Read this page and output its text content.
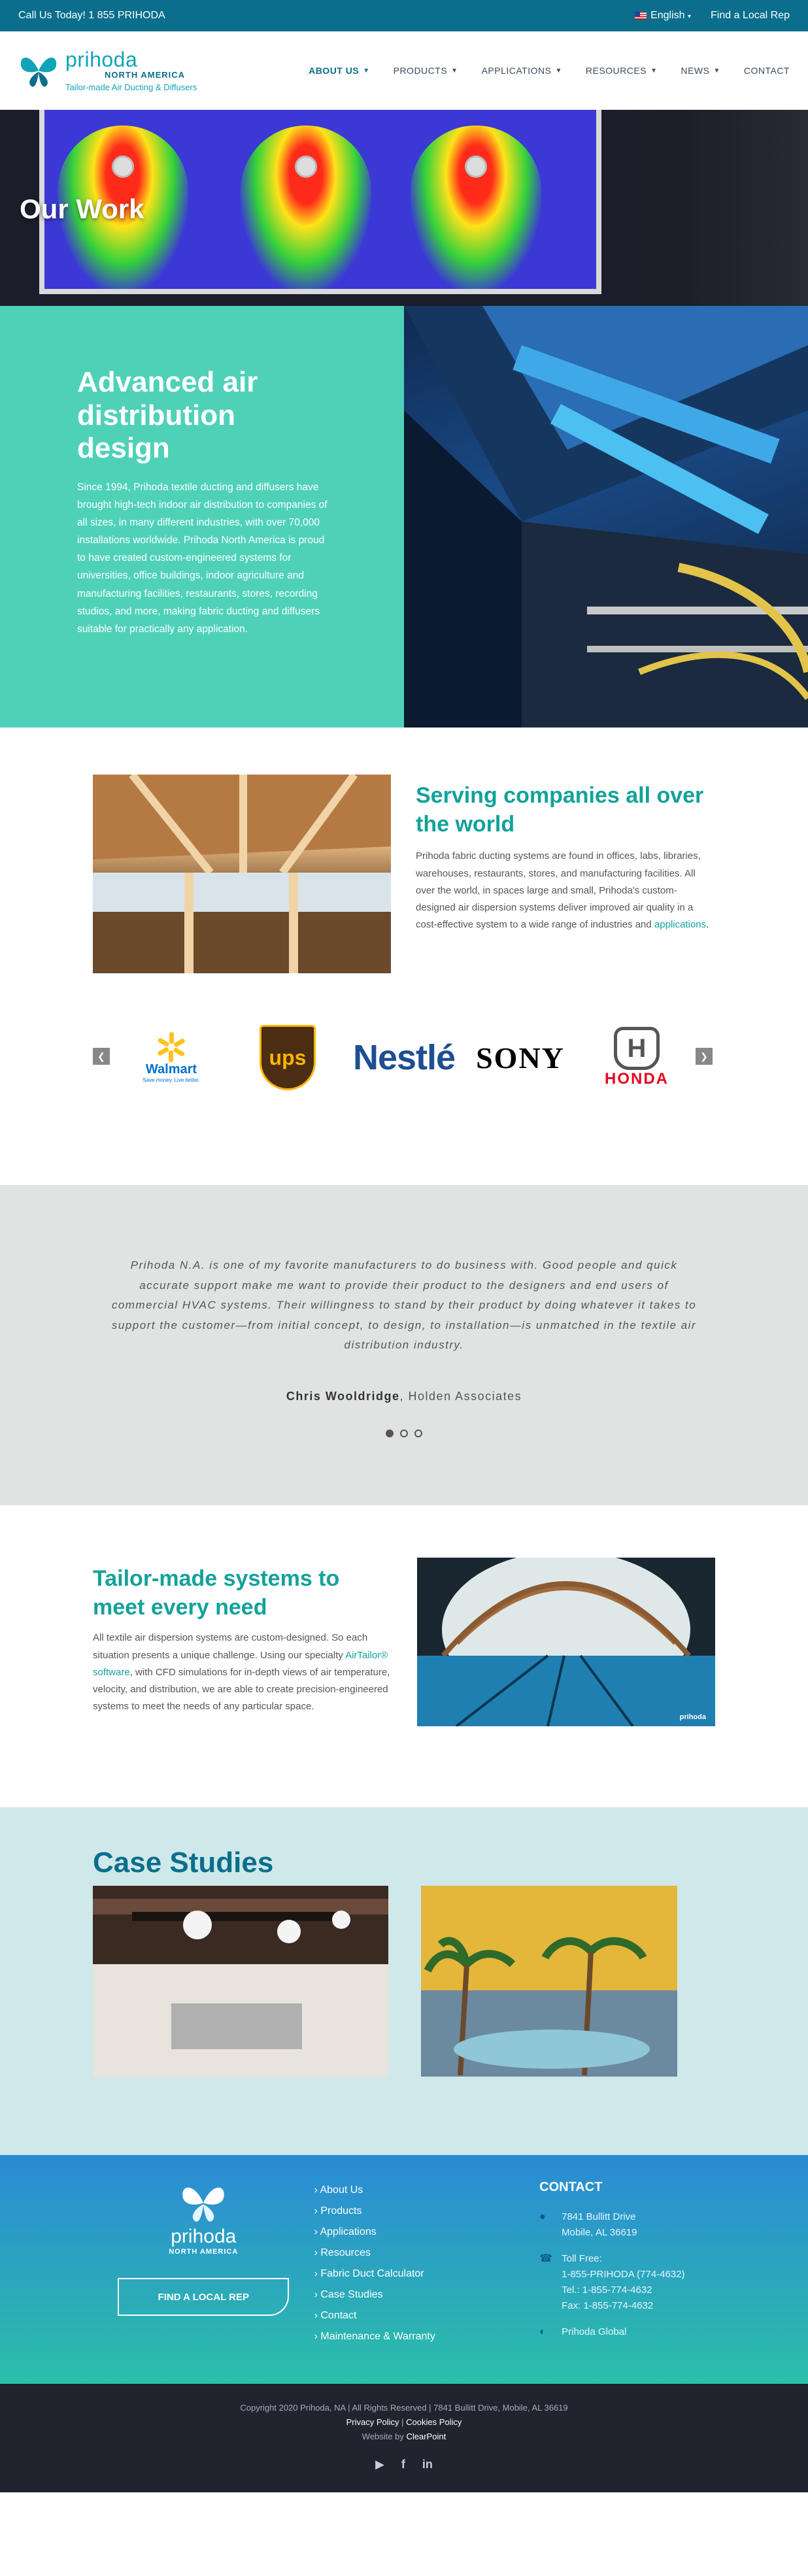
Call Us Today! 1 855 PRIHODA	English ▾ Find a Local Rep
prihoda
NORTH AMERICA
Tailor-made Air Ducting & Diffusers
ABOUT US ▼	PRODUCTS ▼	APPLICATIONS ▼	RESOURCES ▼	NEWS ▼	CONTACT
Our Work
Advanced air distribution design

Since 1994, Prihoda textile ducting and diffusers have brought high-tech indoor air distribution to companies of all sizes, in many different industries, with over 70,000 installations worldwide. Prihoda North America is proud to have created custom-engineered systems for universities, office buildings, indoor agriculture and manufacturing facilities, restaurants, stores, recording studios, and more, making fabric ducting and diffusers suitable for practically any application.

Serving companies all over the world

Prihoda fabric ducting systems are found in offices, labs, libraries, warehouses, restaurants, stores, and manufacturing facilities. All over the world, in spaces large and small, Prihoda's custom-designed air dispersion systems deliver improved air quality in a cost-effective system to a wide range of industries and applications.

❮
Walmart
Save money. Live better.
ups Nestlé SONY H
HONDA
❯
Prihoda N.A. is one of my favorite manufacturers to do business with. Good people and quick accurate support make me want to provide their product to the designers and end users of commercial HVAC systems. Their willingness to stand by their product by doing whatever it takes to support the customer—from initial concept, to design, to installation—is unmatched in the textile air distribution industry.
Chris Wooldridge, Holden Associates
Tailor-made systems to meet every need

All textile air dispersion systems are custom-designed. So each situation presents a unique challenge. Using our specialty AirTailor® software, with CFD simulations for in-depth views of air temperature, velocity, and distribution, we are able to create precision-engineered systems to meet the needs of any particular space.

prihoda
Case Studies
prihoda
NORTH AMERICA
FIND A LOCAL REP
› About Us
› Products
› Applications
› Resources
› Fabric Duct Calculator
› Case Studies
› Contact
› Maintenance & Warranty
CONTACT
●	7841 Bullitt Drive
Mobile, AL 36619
☎ Toll Free:
1-855-PRIHODA (774-4632)
Tel.: 1-855-774-4632
Fax: 1-855-774-4632
◐	Prihoda Global
Copyright 2020 Prihoda, NA | All Rights Reserved | 7841 Bullitt Drive, Mobile, AL 36619
Privacy Policy | Cookies Policy
Website by ClearPoint
▶ f in
